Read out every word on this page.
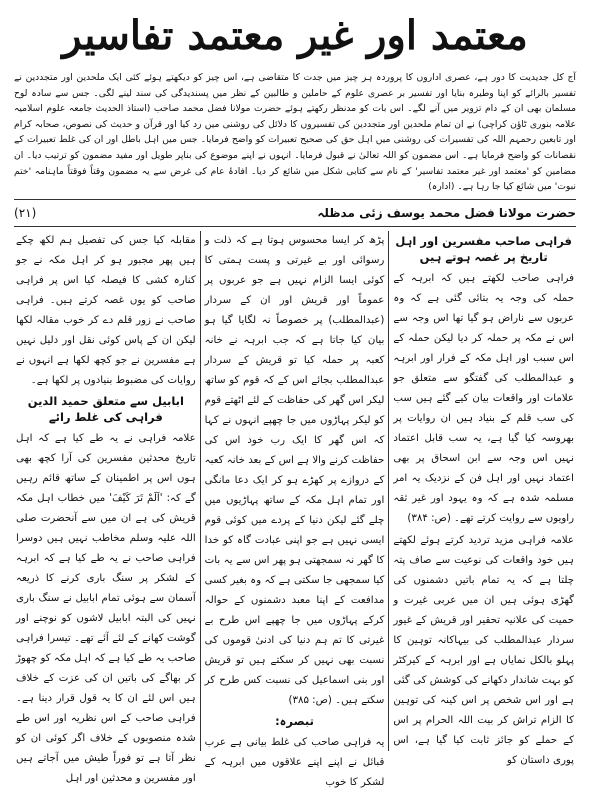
معتمد اور غیر معتمد تفاسیر

آج کل جدیدیت کا دور ہے، عصری اداروں کا پروردہ ہر چیز میں جدت کا متقاضی ہے، اس چیز کو دیکھتے ہوئے کئی ایک ملحدین اور متجددین نے تفسیر بالرائے کو اپنا وطیرہ بنایا اور تفسیر بر عصری علوم کے حاملین و طالبین کے نظر میں پسندیدگی کی سند لینے لگی۔ جس سے سادہ لوح مسلمان بھی ان کے دام تزویر میں آنے لگے۔ اس بات کو مدنظر رکھتے ہوئے حضرت مولانا فضل محمد صاحب (استاذ الحدیث جامعہ علوم اسلامیہ علامہ بنوری ٹاؤن کراچی) نے ان تمام ملحدین اور متجددین کی تفسیروں کا دلائل کی روشنی میں رد کیا اور قرآن و حدیث کی نصوص، صحابہ کرام اور تابعین رحمہم اللہ کی تفسیرات کی روشنی میں اہل حق کی صحیح تعبیرات کو واضح فرمایا۔ جس میں اہل باطل اور ان کی غلط تعبیرات کے نقصانات کو واضح فرمایا ہے۔ اس مضمون کو اللہ تعالیٰ نے قبول فرمایا۔ انہوں نے اپنے موضوع کی بناپر طویل اور مفید مضمون کو ترتیب دیا۔ ان مضامین کو 'معتمد اور غیر معتمد تفاسیر' کے نام سے کتابی شکل میں شائع کر دیا۔ افادۂ عام کی غرض سے یہ مضمون وقتاً فوقتاً ماہنامہ 'ختم نبوت' میں شائع کیا جا رہا ہے۔ (ادارہ)

حضرت مولانا فضل محمد یوسف زئی مدظلہ
(۲۱)
فراہی صاحب مفسرین اور اہل تاریخ پر غصہ ہوتے ہیں

فراہی صاحب لکھتے ہیں کہ ابرہہ کے حملہ کی وجہ یہ بتائی گئی ہے کہ وہ عربوں سے ناراض ہو گیا تھا اس وجہ سے اس نے مکہ پر حملہ کر دیا لیکن حملہ کے اس سبب اور اہل مکہ کے فرار اور ابرہہ و عبدالمطلب کی گفتگو سے متعلق جو علامات اور واقعات بیان کیے گئے ہیں سب کی سب قلم کے بنیاد ہیں ان روایات پر بھروسہ کیا گیا ہے، یہ سب قابل اعتماد نہیں اس وجہ سے ابن اسحاق پر بھی اعتماد نہیں اور اہل فن کے نزدیک یہ امر مسلمہ شدہ ہے کہ وہ یہود اور غیر ثقہ راویوں سے روایت کرتے تھے۔ (ص: ۳۸۴)

علامہ فراہی مزید تردید کرتے ہوئے لکھتے ہیں خود واقعات کی نوعیت سے صاف پتہ چلتا ہے کہ یہ تمام باتیں دشمنوں کی گھڑی ہوئی ہیں ان میں عربی غیرت و حمیت کی علانیہ تحقیر اور قریش کے غیور سردار عبدالمطلب کی بیہاکانہ توہین کا پہلو بالکل نمایاں ہے اور ابرہہ کے کیرکٹر کو بہت شاندار دکھانے کی کوشش کی گئی ہے اور اس شخص پر اس کینہ کی توہین کا الزام تراش کر بیت اللہ الحرام پر اس کے حملے کو جائز ثابت کیا گیا ہے، اس پوری داستان کو

پڑھ کر ایسا محسوس ہوتا ہے کہ ذلت و رسوائی اور بے غیرتی و پست ہمتی کا کوئی ایسا الزام نہیں ہے جو عربوں پر عموماً اور قریش اور ان کے سردار (عبدالمطلب) پر خصوصاً نہ لگایا گیا ہو بیان کیا جاتا ہے کہ جب ابرہہ نے خانہ کعبہ پر حملہ کیا تو قریش کے سردار عبدالمطلب بجائے اس کے کہ قوم کو ساتھ لیکر اس گھر کی حفاظت کے لئے اٹھتے قوم کو لیکر پہاڑوں میں جا چھپے انہوں نے کہا کہ اس گھر کا ایک رب خود اس کی حفاظت کرنے والا ہے اس کے بعد خانہ کعبہ کے دروازے پر کھڑے ہو کر ایک دعا مانگی اور تمام اہل مکہ کے ساتھ پہاڑیوں میں چلے گئے لیکن دنیا کے پردے میں کوئی قوم ایسی نہیں ہے جو اپنی عبادت گاہ کو خدا کا گھر نہ سمجھتی ہو پھر اس سے یہ بات کیا سمجھی جا سکتی ہے کہ وہ بغیر کسی مدافعت کے اپنا معبد دشمنوں کے حوالہ کرکے پہاڑوں میں جا چھپے اس طرح بے غیرتی کا تم ہم دنیا کی ادنیٰ قوموں کی نسبت بھی نہیں کر سکتے ہیں تو قریش اور بنی اسماعیل کی نسبت کس طرح کر سکتے ہیں۔ (ص: ۳۸۵)

تبصرہ:

یہ فراہی صاحب کی غلط بیانی ہے عرب قبائل نے اپنے اپنے علاقوں میں ابرہہ کے لشکر کا خوب

مقابلہ کیا جس کی تفصیل ہم لکھ چکے ہیں پھر مجبور ہو کر اہل مکہ نے جو کنارہ کشی کا فیصلہ کیا اس پر فراہی صاحب کو یوں غصہ کرتے ہیں۔ فراہی صاحب نے زور قلم دے کر خوب مقالہ لکھا لیکن ان کے پاس کوئی نقل اور دلیل نہیں ہے مفسرین نے جو کچھ لکھا ہے انہوں نے روایات کی مضبوط بنیادوں پر لکھا ہے۔

ابابیل سے متعلق حمید الدین فراہی کی غلط رائے

علامہ فراہی نے یہ طے کیا ہے کہ اہل تاریخ محدثین مفسرین کی آرا کچھ بھی ہوں اس پر اطمینان کے ساتھ قائم رہیں گے کہ: 'اَلَمْ تَرَ کَیْفَ' میں خطاب اہل مکہ قریش کی ہے ان میں سے آنحضرت صلی اللہ علیہ وسلم مخاطب نہیں ہیں دوسرا فراہی صاحب نے یہ طے کیا ہے کہ ابرہہ کے لشکر پر سنگ باری کرنے کا ذریعہ آسمان سے ہوئی تمام ابابیل نے سنگ باری نہیں کی البتہ ابابیل لاشوں کو نوچنے اور گوشت کھانے کے لئے آئے تھے۔ تیسرا فراہی صاحب یہ طے کیا ہے کہ اہل مکہ کو چھوڑ کر بھاگے کی باتیں ان کی عزت کے خلاف ہیں اس لئے ان کا یہ قول قرار دینا ہے۔ فراہی صاحب کے اس نظریہ اور اس طے شدہ منصوبوں کے خلاف اگر کوئی ان کو نظر آتا ہے تو فوراً طیش میں آجاتے ہیں اور مفسرین و محدثین اور اہل
